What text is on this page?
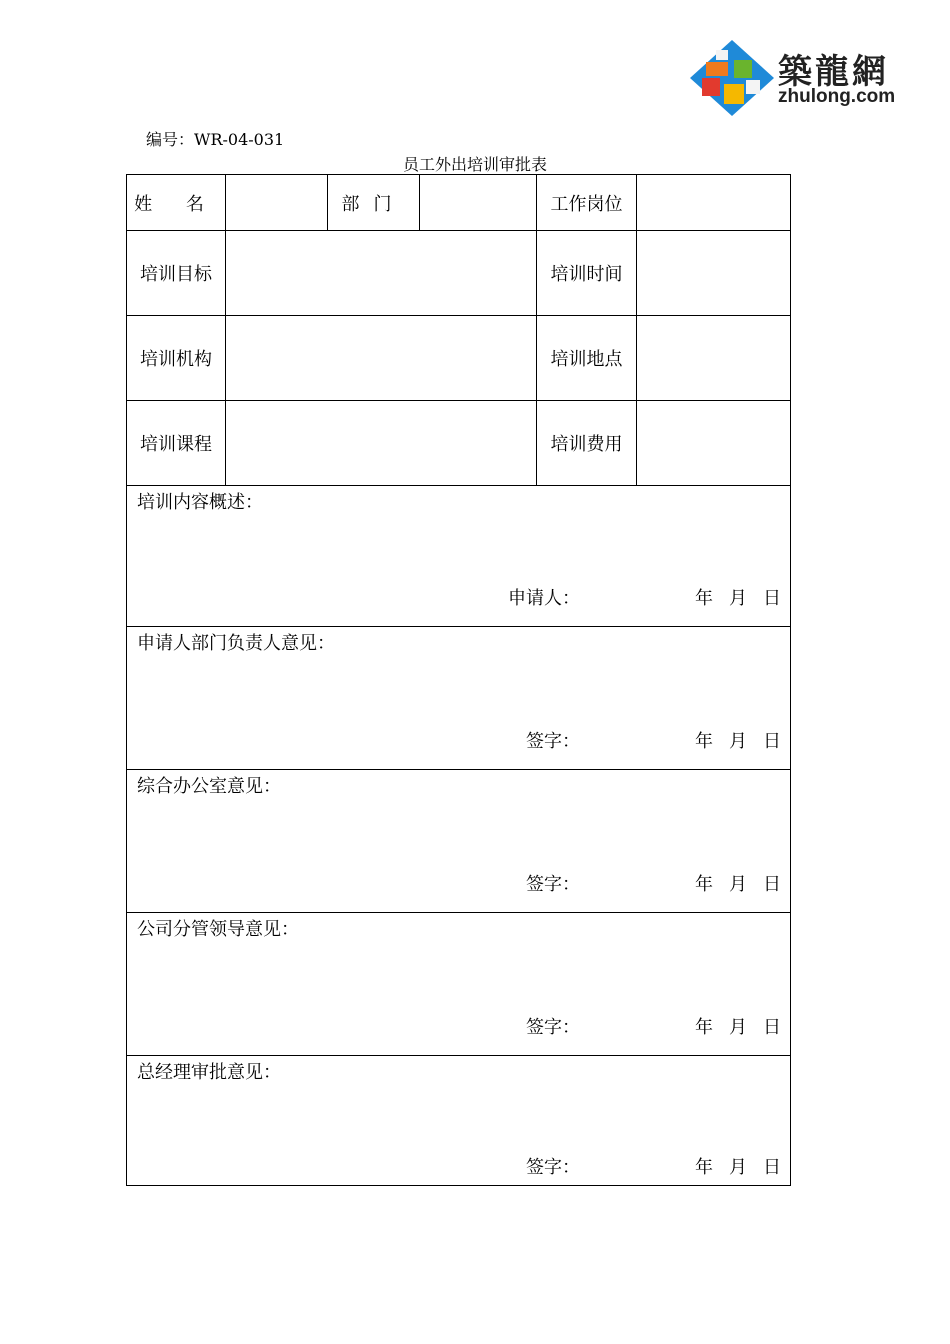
築龍網
zhulong.com
编号：WR-04-031
员工外出培训审批表
姓 名		部门		工作岗位	
培训目标				培训时间	
培训机构				培训地点	
培训课程				培训费用	

培训内容概述：
申请人： 年 月 日					

申请人部门负责人意见：
签字： 年 月 日					

综合办公室意见：
签字： 年 月 日					

公司分管领导意见：
签字： 年 月 日					

总经理审批意见：
签字： 年 月 日					
